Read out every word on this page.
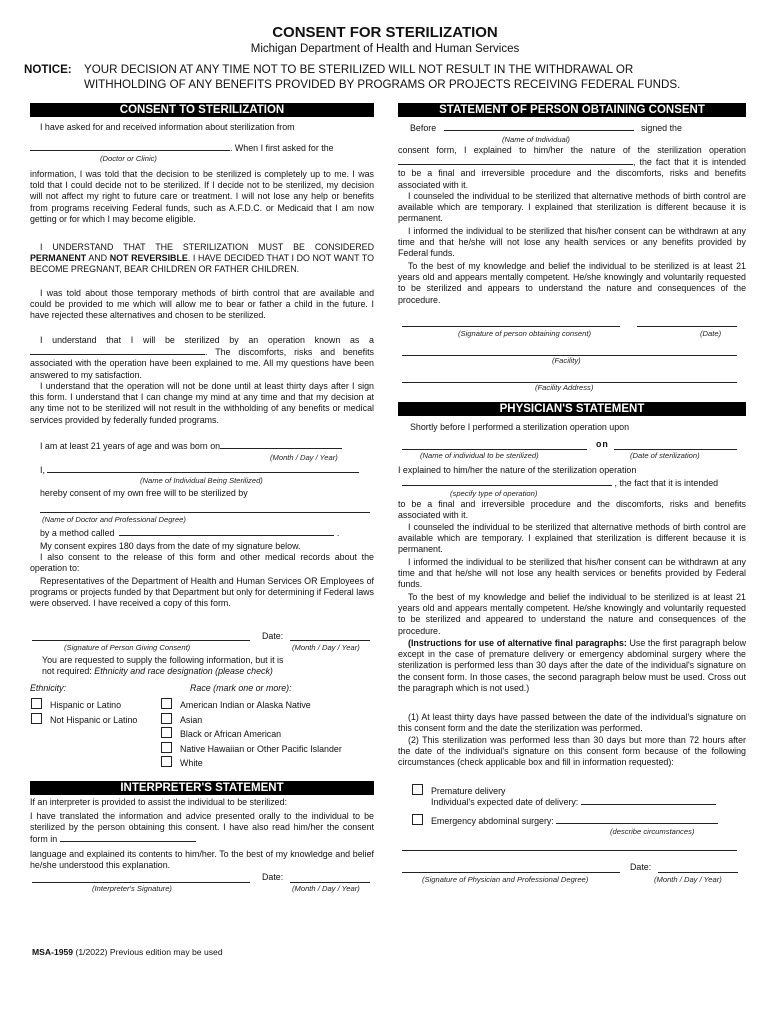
CONSENT FOR STERILIZATION
Michigan Department of Health and Human Services
NOTICE: YOUR DECISION AT ANY TIME NOT TO BE STERILIZED WILL NOT RESULT IN THE WITHDRAWAL OR
WITHHOLDING OF ANY BENEFITS PROVIDED BY PROGRAMS OR PROJECTS RECEIVING FEDERAL FUNDS.
CONSENT TO STERILIZATION
I have asked for and received information about sterilization from
. When I first asked for the
(Doctor or Clinic)
information, I was told that the decision to be sterilized is completely up to me. I was told that I could decide not to be sterilized. If I decide not to be sterilized, my decision will not affect my right to future care or treatment. I will not lose any help or benefits from programs receiving Federal funds, such as A.F.D.C. or Medicaid that I am now getting or for which I may become eligible.
I UNDERSTAND THAT THE STERILIZATION MUST BE CONSIDERED PERMANENT AND NOT REVERSIBLE. I HAVE DECIDED THAT I DO NOT WANT TO BECOME PREGNANT, BEAR CHILDREN OR FATHER CHILDREN.
I was told about those temporary methods of birth control that are available and could be provided to me which will allow me to bear or father a child in the future. I have rejected these alternatives and chosen to be sterilized.
I understand that I will be sterilized by an operation known as a . The discomforts, risks and benefits associated with the operation have been explained to me. All my questions have been answered to my satisfaction.
I understand that the operation will not be done until at least thirty days after I sign this form. I understand that I can change my mind at any time and that my decision at any time not to be sterilized will not result in the withholding of any benefits or medical services provided by federally funded programs.
I am at least 21 years of age and was born on
(Month / Day / Year)
I,
(Name of Individual Being Sterilized)
hereby consent of my own free will to be sterilized by
(Name of Doctor and Professional Degree)
by a method called	.
My consent expires 180 days from the date of my signature below.
I also consent to the release of this form and other medical records about the operation to:
Representatives of the Department of Health and Human Services OR Employees of programs or projects funded by that Department but only for determining if Federal laws were observed. I have received a copy of this form.
Date:
(Signature of Person Giving Consent)	(Month / Day / Year)
You are requested to supply the following information, but it is
not required: Ethnicity and race designation (please check)
Ethnicity:	Race (mark one or more):
Hispanic or Latino
Not Hispanic or Latino
American Indian or Alaska Native
Asian
Black or African American
Native Hawaiian or Other Pacific Islander
White
INTERPRETER'S STATEMENT
If an interpreter is provided to assist the individual to be sterilized:
I have translated the information and advice presented orally to the individual to be sterilized by the person obtaining this consent. I have also read him/her the consent form in
language and explained its contents to him/her. To the best of my knowledge and belief he/she understood this explanation.
Date:
(Interpreter's Signature)	(Month / Day / Year)
STATEMENT OF PERSON OBTAINING CONSENT
Before	signed the
(Name of Individual)
consent form, I explained to him/her the nature of the sterilization operation , the fact that it is intended to be a final and irreversible procedure and the discomforts, risks and benefits associated with it.
I counseled the individual to be sterilized that alternative methods of birth control are available which are temporary. I explained that sterilization is different because it is permanent.
I informed the individual to be sterilized that his/her consent can be withdrawn at any time and that he/she will not lose any health services or any benefits provided by Federal funds.
To the best of my knowledge and belief the individual to be sterilized is at least 21 years old and appears mentally competent. He/she knowingly and voluntarily requested to be sterilized and appears to understand the nature and consequences of the procedure.
(Signature of person obtaining consent)	(Date)
(Facility)
(Facility Address)
PHYSICIAN'S STATEMENT
Shortly before I performed a sterilization operation upon
on
(Name of individual to be sterilized)	(Date of sterilization)
I explained to him/her the nature of the sterilization operation
, the fact that it is intended
(specify type of operation)
to be a final and irreversible procedure and the discomforts, risks and benefits associated with it.
I counseled the individual to be sterilized that alternative methods of birth control are available which are temporary. I explained that sterilization is different because it is permanent.
I informed the individual to be sterilized that his/her consent can be withdrawn at any time and that he/she will not lose any health services or benefits provided by Federal funds.
To the best of my knowledge and belief the individual to be sterilized is at least 21 years old and appears mentally competent. He/she knowingly and voluntarily requested to be sterilized and appeared to understand the nature and consequences of the procedure.
(Instructions for use of alternative final paragraphs: Use the first paragraph below except in the case of premature delivery or emergency abdominal surgery where the sterilization is performed less than 30 days after the date of the individual's signature on the consent form. In those cases, the second paragraph below must be used. Cross out the paragraph which is not used.)
(1) At least thirty days have passed between the date of the individual's signature on this consent form and the date the sterilization was performed.
(2) This sterilization was performed less than 30 days but more than 72 hours after the date of the individual's signature on this consent form because of the following circumstances (check applicable box and fill in information requested):
Premature delivery
Individual's expected date of delivery:
Emergency abdominal surgery:
(describe circumstances)
Date:
(Signature of Physician and Professional Degree)	(Month / Day / Year)
MSA-1959 (1/2022) Previous edition may be used
